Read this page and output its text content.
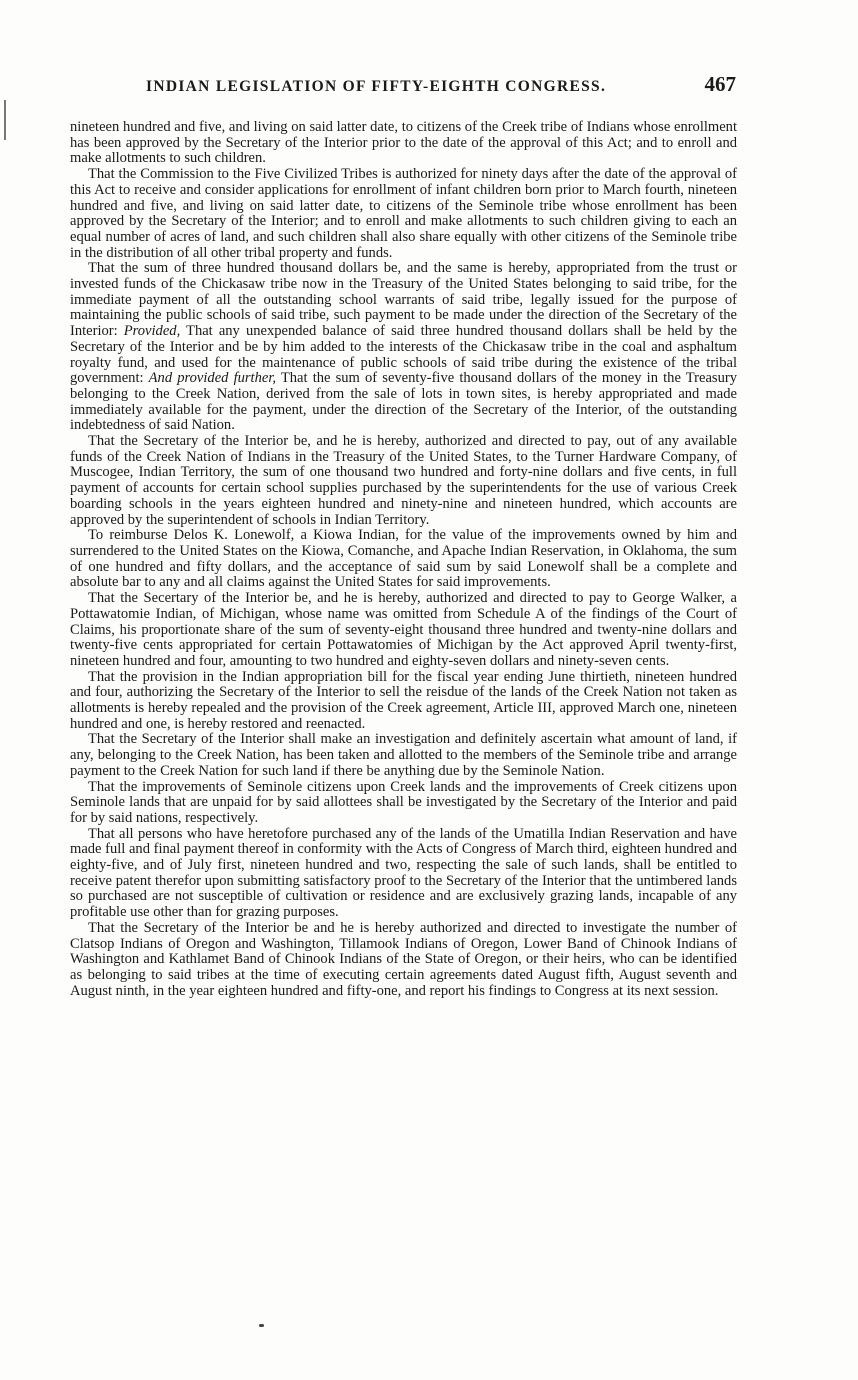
INDIAN LEGISLATION OF FIFTY-EIGHTH CONGRESS.	467

nineteen hundred and five, and living on said latter date, to citizens of the Creek tribe of Indians whose enrollment has been approved by the Secretary of the Interior prior to the date of the approval of this Act; and to enroll and make allotments to such children.

That the Commission to the Five Civilized Tribes is authorized for ninety days after the date of the approval of this Act to receive and consider applications for enrollment of infant children born prior to March fourth, nineteen hundred and five, and living on said latter date, to citizens of the Seminole tribe whose enrollment has been approved by the Secretary of the Interior; and to enroll and make allotments to such children giving to each an equal number of acres of land, and such children shall also share equally with other citizens of the Seminole tribe in the distribution of all other tribal property and funds.

That the sum of three hundred thousand dollars be, and the same is hereby, appropriated from the trust or invested funds of the Chickasaw tribe now in the Treasury of the United States belonging to said tribe, for the immediate payment of all the outstanding school warrants of said tribe, legally issued for the purpose of maintaining the public schools of said tribe, such payment to be made under the direction of the Secretary of the Interior: Provided, That any unexpended balance of said three hundred thousand dollars shall be held by the Secretary of the Interior and be by him added to the interests of the Chickasaw tribe in the coal and asphaltum royalty fund, and used for the maintenance of public schools of said tribe during the existence of the tribal government: And provided further, That the sum of seventy-five thousand dollars of the money in the Treasury belonging to the Creek Nation, derived from the sale of lots in town sites, is hereby appropriated and made immediately available for the payment, under the direction of the Secretary of the Interior, of the outstanding indebtedness of said Nation.

That the Secretary of the Interior be, and he is hereby, authorized and directed to pay, out of any available funds of the Creek Nation of Indians in the Treasury of the United States, to the Turner Hardware Company, of Muscogee, Indian Territory, the sum of one thousand two hundred and forty-nine dollars and five cents, in full payment of accounts for certain school supplies purchased by the superintendents for the use of various Creek boarding schools in the years eighteen hundred and ninety-nine and nineteen hundred, which accounts are approved by the superintendent of schools in Indian Territory.

To reimburse Delos K. Lonewolf, a Kiowa Indian, for the value of the improvements owned by him and surrendered to the United States on the Kiowa, Comanche, and Apache Indian Reservation, in Oklahoma, the sum of one hundred and fifty dollars, and the acceptance of said sum by said Lonewolf shall be a complete and absolute bar to any and all claims against the United States for said improvements.

That the Secertary of the Interior be, and he is hereby, authorized and directed to pay to George Walker, a Pottawatomie Indian, of Michigan, whose name was omitted from Schedule A of the findings of the Court of Claims, his proportionate share of the sum of seventy-eight thousand three hundred and twenty-nine dollars and twenty-five cents appropriated for certain Pottawatomies of Michigan by the Act approved April twenty-first, nineteen hundred and four, amounting to two hundred and eighty-seven dollars and ninety-seven cents.

That the provision in the Indian appropriation bill for the fiscal year ending June thirtieth, nineteen hundred and four, authorizing the Secretary of the Interior to sell the reisdue of the lands of the Creek Nation not taken as allotments is hereby repealed and the provision of the Creek agreement, Article III, approved March one, nineteen hundred and one, is hereby restored and reenacted.

That the Secretary of the Interior shall make an investigation and definitely ascertain what amount of land, if any, belonging to the Creek Nation, has been taken and allotted to the members of the Seminole tribe and arrange payment to the Creek Nation for such land if there be anything due by the Seminole Nation.

That the improvements of Seminole citizens upon Creek lands and the improvements of Creek citizens upon Seminole lands that are unpaid for by said allottees shall be investigated by the Secretary of the Interior and paid for by said nations, respectively.

That all persons who have heretofore purchased any of the lands of the Umatilla Indian Reservation and have made full and final payment thereof in conformity with the Acts of Congress of March third, eighteen hundred and eighty-five, and of July first, nineteen hundred and two, respecting the sale of such lands, shall be entitled to receive patent therefor upon submitting satisfactory proof to the Secretary of the Interior that the untimbered lands so purchased are not susceptible of cultivation or residence and are exclusively grazing lands, incapable of any profitable use other than for grazing purposes.

That the Secretary of the Interior be and he is hereby authorized and directed to investigate the number of Clatsop Indians of Oregon and Washington, Tillamook Indians of Oregon, Lower Band of Chinook Indians of Washington and Kathlamet Band of Chinook Indians of the State of Oregon, or their heirs, who can be identified as belonging to said tribes at the time of executing certain agreements dated August fifth, August seventh and August ninth, in the year eighteen hundred and fifty-one, and report his findings to Congress at its next session.
